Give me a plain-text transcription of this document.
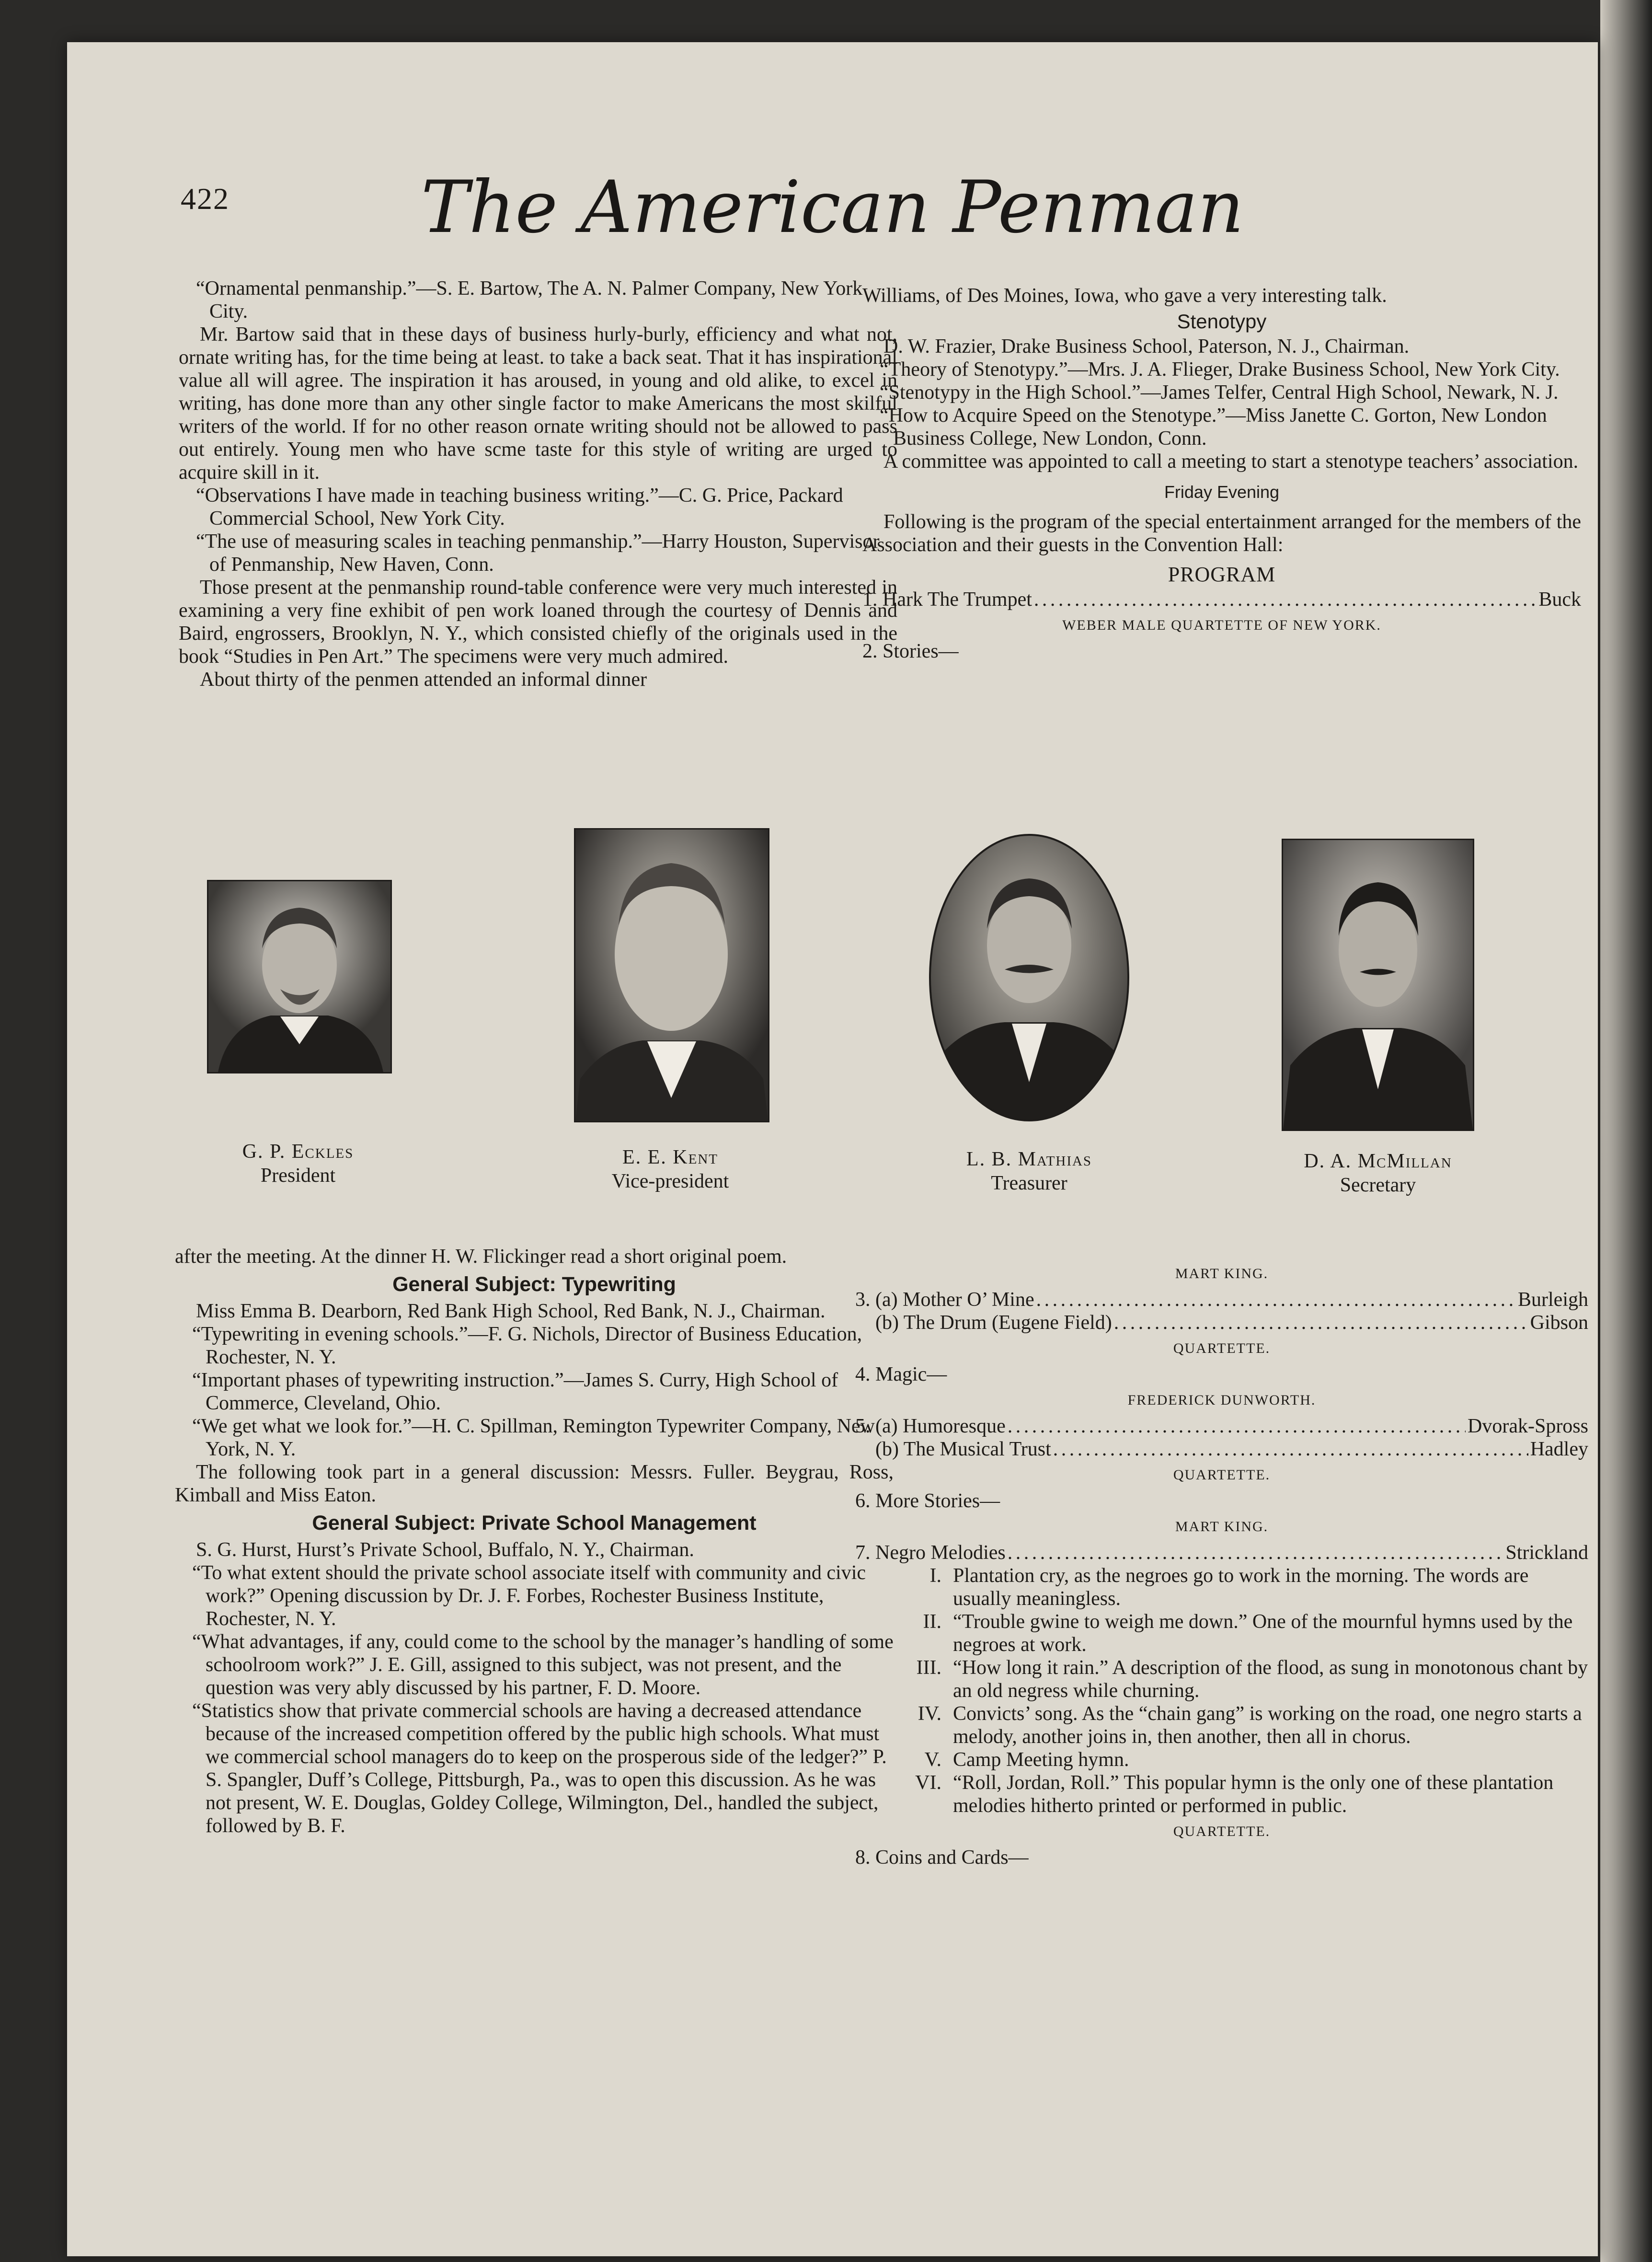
422	The American Penman

“Ornamental penmanship.”—S. E. Bartow, The A. N. Palmer Company, New York City.

Mr. Bartow said that in these days of business hurly-burly, efficiency and what not, ornate writing has, for the time being at least. to take a back seat. That it has inspirational value all will agree. The inspiration it has aroused, in young and old alike, to excel in writing, has done more than any other single factor to make Americans the most skilful writers of the world. If for no other reason ornate writing should not be allowed to pass out entirely. Young men who have scme taste for this style of writing are urged to acquire skill in it.

“Observations I have made in teaching business writing.”—C. G. Price, Packard Commercial School, New York City.

“The use of measuring scales in teaching penmanship.”—Harry Houston, Supervisor of Penmanship, New Haven, Conn.

Those present at the penmanship round-table conference were very much interested in examining a very fine exhibit of pen work loaned through the courtesy of Dennis and Baird, engrossers, Brooklyn, N. Y., which consisted chiefly of the originals used in the book “Studies in Pen Art.” The specimens were very much admired.

About thirty of the penmen attended an informal dinner

Williams, of Des Moines, Iowa, who gave a very interesting talk.

Stenotypy

D. W. Frazier, Drake Business School, Paterson, N. J., Chairman.

“Theory of Stenotypy.”—Mrs. J. A. Flieger, Drake Business School, New York City.

“Stenotypy in the High School.”—James Telfer, Central High School, Newark, N. J.

“How to Acquire Speed on the Stenotype.”—Miss Janette C. Gorton, New London Business College, New London, Conn.

A committee was appointed to call a meeting to start a stenotype teachers’ association.

Friday Evening

Following is the program of the special entertainment arranged for the members of the Association and their guests in the Convention Hall:

PROGRAM
1. Hark The Trumpet . . .	Buck
WEBER MALE QUARTETTE OF NEW YORK.

2. Stories—

G. P. Eckles
President
E. E. Kent
Vice-president
L. B. Mathias
Treasurer
D. A. McMillan
Secretary

after the meeting. At the dinner H. W. Flickinger read a short original poem.

General Subject: Typewriting

Miss Emma B. Dearborn, Red Bank High School, Red Bank, N. J., Chairman.

“Typewriting in evening schools.”—F. G. Nichols, Director of Business Education, Rochester, N. Y.

“Important phases of typewriting instruction.”—James S. Curry, High School of Commerce, Cleveland, Ohio.

“We get what we look for.”—H. C. Spillman, Remington Typewriter Company, New York, N. Y.

The following took part in a general discussion: Messrs. Fuller. Beygrau, Ross, Kimball and Miss Eaton.

General Subject: Private School Management

S. G. Hurst, Hurst’s Private School, Buffalo, N. Y., Chairman.

“To what extent should the private school associate itself with community and civic work?” Opening discussion by Dr. J. F. Forbes, Rochester Business Institute, Rochester, N. Y.

“What advantages, if any, could come to the school by the manager’s handling of some schoolroom work?” J. E. Gill, assigned to this subject, was not present, and the question was very ably discussed by his partner, F. D. Moore.

“Statistics show that private commercial schools are having a decreased attendance because of the increased competition offered by the public high schools. What must we commercial school managers do to keep on the prosperous side of the ledger?” P. S. Spangler, Duff’s College, Pittsburgh, Pa., was to open this discussion. As he was not present, W. E. Douglas, Goldey College, Wilmington, Del., handled the subject, followed by B. F.

MART KING.
3. (a) Mother O’ Mine . . .	Burleigh
(b) The Drum (Eugene Field) . . .	Gibson
QUARTETTE.

4. Magic—

FREDERICK DUNWORTH.
5. (a) Humoresque . . .	Dvorak-Spross
(b) The Musical Trust . . .	Hadley
QUARTETTE.

6. More Stories—

MART KING.
7. Negro Melodies . . .	Strickland
I. Plantation cry, as the negroes go to work in the morning. The words are usually meaningless.
II. “Trouble gwine to weigh me down.” One of the mournful hymns used by the negroes at work.
III. “How long it rain.” A description of the flood, as sung in monotonous chant by an old negress while churning.
IV. Convicts’ song. As the “chain gang” is working on the road, one negro starts a melody, another joins in, then another, then all in chorus.
V. Camp Meeting hymn.
VI. “Roll, Jordan, Roll.” This popular hymn is the only one of these plantation melodies hitherto printed or performed in public.
QUARTETTE.

8. Coins and Cards—
